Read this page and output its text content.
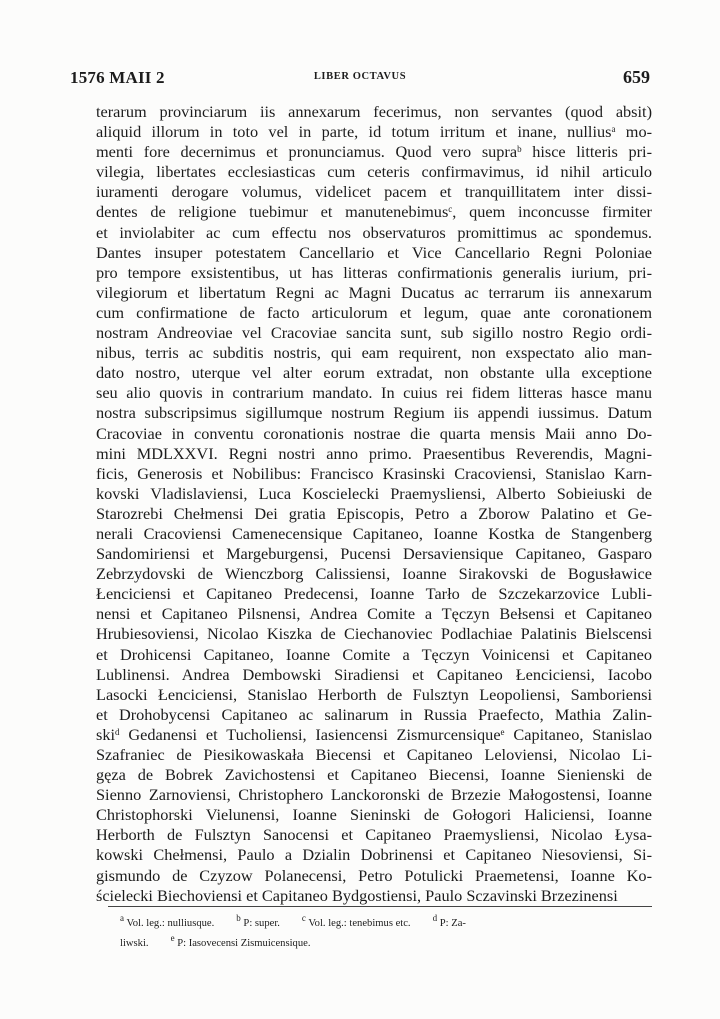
1576 MAII 2	LIBER OCTAVUS	659
terarum provinciarum iis annexarum fecerimus, non servantes (quod absit)
aliquid illorum in toto vel in parte, id totum irritum et inane, nullius$^a$ mo-
menti fore decernimus et pronunciamus. Quod vero supra$^b$ hisce litteris pri-
vilegia, libertates ecclesiasticas cum ceteris confirmavimus, id nihil articulo
iuramenti derogare volumus, videlicet pacem et tranquillitatem inter dissi-
dentes de religione tuebimur et manutenebimus$^c$, quem inconcusse firmiter
et inviolabiter ac cum effectu nos observaturos promittimus ac spondemus.
Dantes insuper potestatem Cancellario et Vice Cancellario Regni Poloniae
pro tempore exsistentibus, ut has litteras confirmationis generalis iurium, pri-
vilegiorum et libertatum Regni ac Magni Ducatus ac terrarum iis annexarum
cum confirmatione de facto articulorum et legum, quae ante coronationem
nostram Andreoviae vel Cracoviae sancita sunt, sub sigillo nostro Regio ordi-
nibus, terris ac subditis nostris, qui eam requirent, non exspectato alio man-
dato nostro, uterque vel alter eorum extradat, non obstante ulla exceptione
seu alio quovis in contrarium mandato. In cuius rei fidem litteras hasce manu
nostra subscripsimus sigillumque nostrum Regium iis appendi iussimus. Datum
Cracoviae in conventu coronationis nostrae die quarta mensis Maii anno Do-
mini MDLXXVI. Regni nostri anno primo. Praesentibus Reverendis, Magni-
ficis, Generosis et Nobilibus: Francisco Krasinski Cracoviensi, Stanislao Karn-
kovski Vladislaviensi, Luca Koscielecki Praemysliensi, Alberto Sobieiuski de
Starozrebi Chełmensi Dei gratia Episcopis, Petro a Zborow Palatino et Ge-
nerali Cracoviensi Camenecensique Capitaneo, Ioanne Kostka de Stangenberg
Sandomiriensi et Margeburgensi, Pucensi Dersaviensique Capitaneo, Gasparo
Zebrzydovski de Wienczborg Calissiensi, Ioanne Sirakovski de Bogusławice
Łenciciensi et Capitaneo Predecensi, Ioanne Tarło de Szczekarzovice Lubli-
nensi et Capitaneo Pilsnensi, Andrea Comite a Tęczyn Bełsensi et Capitaneo
Hrubiesoviensi, Nicolao Kiszka de Ciechanoviec Podlachiae Palatinis Bielscensi
et Drohicensi Capitaneo, Ioanne Comite a Tęczyn Voinicensi et Capitaneo
Lublinensi. Andrea Dembowski Siradiensi et Capitaneo Łenciciensi, Iacobo
Lasocki Łenciciensi, Stanislao Herborth de Fulsztyn Leopoliensi, Samboriensi
et Drohobycensi Capitaneo ac salinarum in Russia Praefecto, Mathia Zalin-
ski$^d$ Gedanensi et Tucholiensi, Iasiencensi Zismurcensique$^e$ Capitaneo, Stanislao
Szafraniec de Piesikowaskała Biecensi et Capitaneo Leloviensi, Nicolao Li-
gęza de Bobrek Zavichostensi et Capitaneo Biecensi, Ioanne Sienienski de
Sienno Zarnoviensi, Christophero Lanckoronski de Brzezie Małogostensi, Ioanne
Christophorski Vielunensi, Ioanne Sieninski de Gołogori Haliciensi, Ioanne
Herborth de Fulsztyn Sanocensi et Capitaneo Praemysliensi, Nicolao Łysa-
kowski Chełmensi, Paulo a Dzialin Dobrinensi et Capitaneo Niesoviensi, Si-
gismundo de Czyzow Polanecensi, Petro Potulicki Praemetensi, Ioanne Ko-
ścielecki Biechoviensi et Capitaneo Bydgostiensi, Paulo Sczavinski Brzezinensi
$^a$ Vol. leg.: nulliusque. $^b$ P: super. $^c$ Vol. leg.: tenebimus etc. $^d$ P: Za-
liwski. $^e$ P: Iasovecensi Zismuicensique.
